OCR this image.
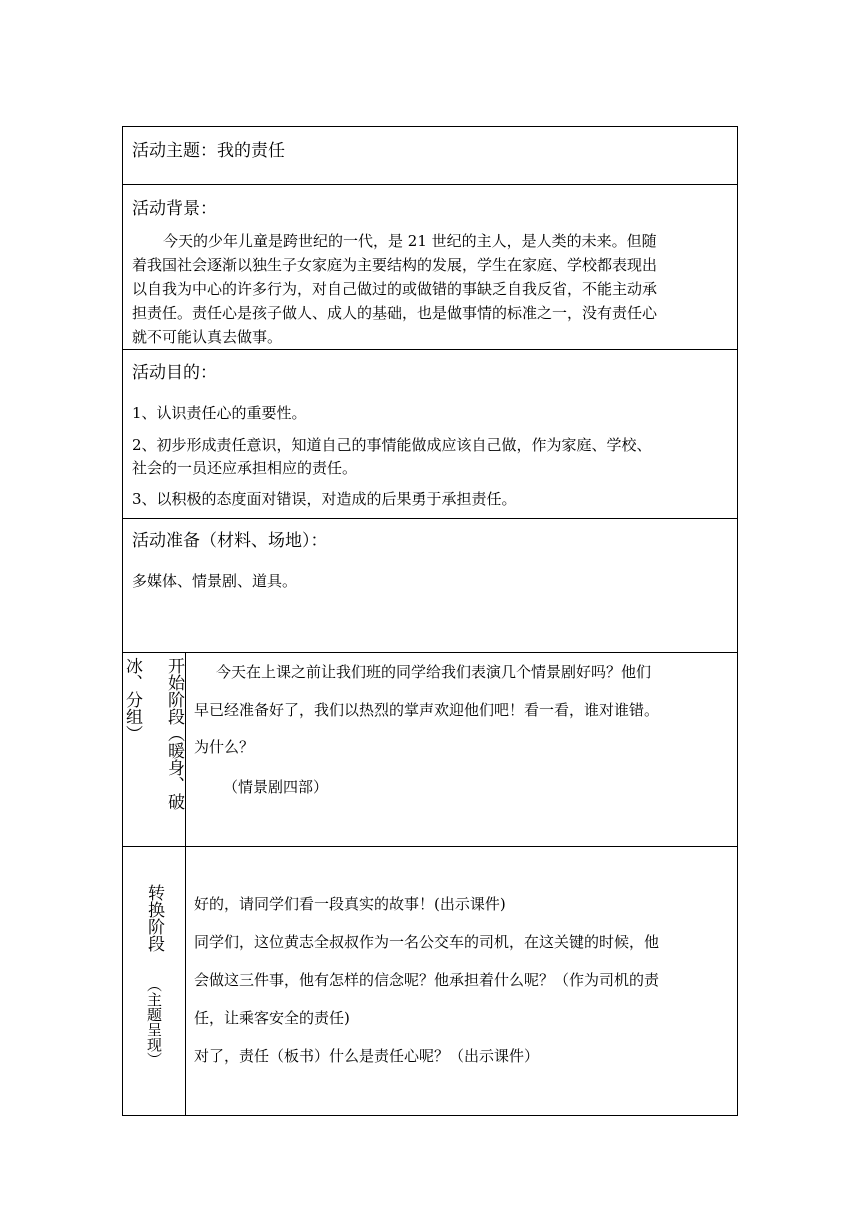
活动主题：我的责任
活动背景：
今天的少年儿童是跨世纪的一代，是 21 世纪的主人，是人类的未来。但随
着我国社会逐渐以独生子女家庭为主要结构的发展，学生在家庭、学校都表现出
以自我为中心的许多行为，对自己做过的或做错的事缺乏自我反省，不能主动承
担责任。责任心是孩子做人、成人的基础，也是做事情的标准之一，没有责任心
就不可能认真去做事。
活动目的：
1、认识责任心的重要性。
2、初步形成责任意识，知道自己的事情能做成应该自己做，作为家庭、学校、
社会的一员还应承担相应的责任。
3、以积极的态度面对错误，对造成的后果勇于承担责任。
活动准备（材料、场地）：
多媒体、情景剧、道具。
开始阶段（暖身、破
冰、分组）	今天在上课之前让我们班的同学给我们表演几个情景剧好吗？他们
早已经准备好了，我们以热烈的掌声欢迎他们吧！看一看，谁对谁错。
为什么？
（情景剧四部）
转换阶段
（主题呈现）
好的，请同学们看一段真实的故事！(出示课件)
同学们，这位黄志全叔叔作为一名公交车的司机，在这关键的时候，他
会做这三件事，他有怎样的信念呢？他承担着什么呢？（作为司机的责
任，让乘客安全的责任)
对了，责任（板书）什么是责任心呢？（出示课件）
